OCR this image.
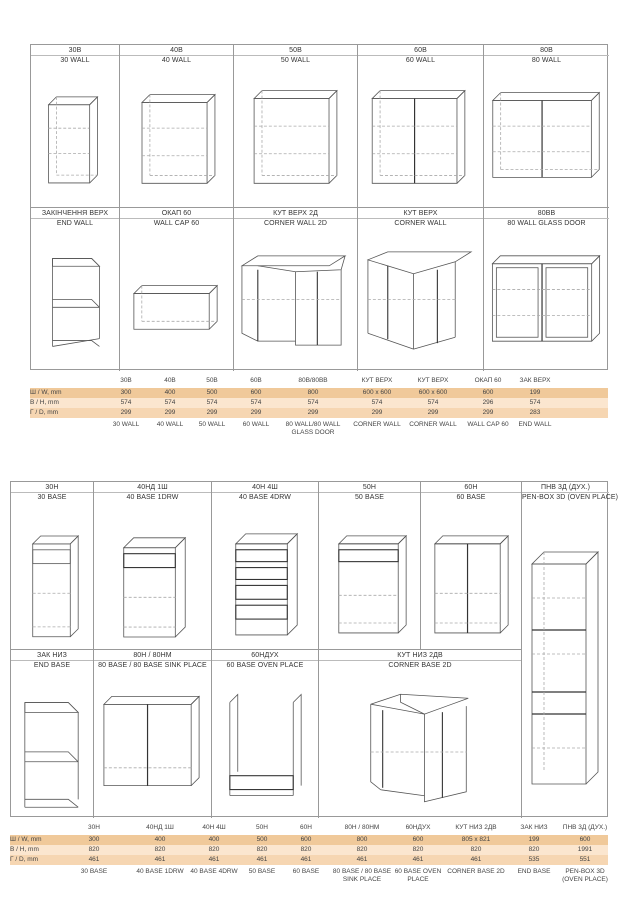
30B
30 WALL
40B
40 WALL
50B
50 WALL
60B
60 WALL
80B
80 WALL
ЗАКІНЧЕННЯ ВЕРХ
END WALL
ОКАП 60
WALL CAP 60
КУТ ВЕРХ 2Д
CORNER WALL 2D
КУТ ВЕРХ
CORNER WALL
80BB
80 WALL GLASS DOOR
Ш / W, mm
В / H, mm
Г / D, mm
30B
300
574
299
30 WALL
40B
400
574
299
40 WALL
50B
500
574
299
50 WALL
60B
600
574
299
60 WALL
80B/80BB
800
574
299
80 WALL/80 WALL GLASS DOOR
КУТ ВЕРХ
600 x 600
574
299
CORNER WALL
КУТ ВЕРХ
600 x 600
574
299
CORNER WALL
ОКАП 60
600
296
299
WALL CAP 60
ЗАК ВЕРХ
199
574
283
END WALL
30Н
30 BASE
40НД 1Ш
40 BASE 1DRW
40Н 4Ш
40 BASE 4DRW
50Н
50 BASE
60Н
60 BASE
ПНВ 3Д (ДУХ.)
PEN-BOX 3D (OVEN PLACE)
ЗАК НИЗ
END BASE
80Н / 80НМ
80 BASE / 80 BASE SINK PLACE
60НДУХ
60 BASE OVEN PLACE
КУТ НИЗ 2ДВ
CORNER BASE 2D
Ш / W, mm
В / H, mm
Г / D, mm
30Н
300
820
461
30 BASE
40НД 1Ш
400
820
461
40 BASE 1DRW
40Н 4Ш
400
820
461
40 BASE 4DRW
50Н
500
820
461
50 BASE
60Н
600
820
461
60 BASE
80Н / 80НМ
800
820
461
80 BASE / 80 BASE SINK PLACE
60НДУХ
600
820
461
60 BASE OVEN PLACE
КУТ НИЗ 2ДВ
805 x 821
820
461
CORNER BASE 2D
ЗАК НИЗ
199
820
535
END BASE
ПНВ 3Д (ДУХ.)
600
1991
551
PEN-BOX 3D (OVEN PLACE)
